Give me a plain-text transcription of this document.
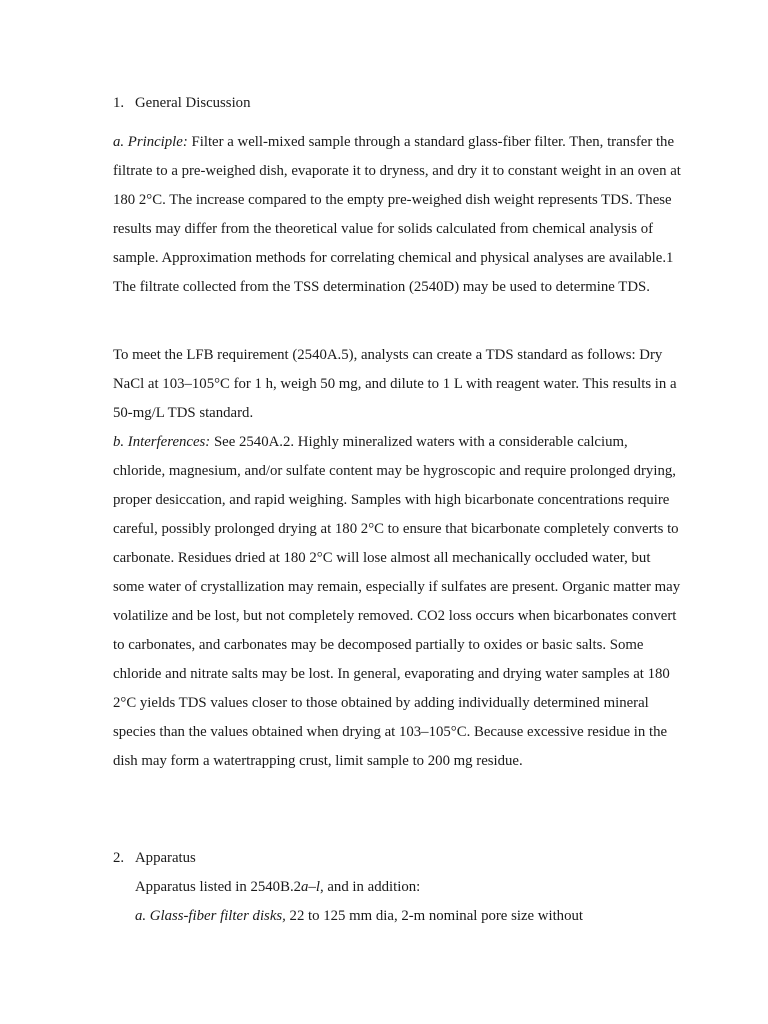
1. General Discussion

a. Principle: Filter a well-mixed sample through a standard glass-fiber filter. Then, transfer the filtrate to a pre-weighed dish, evaporate it to dryness, and dry it to constant weight in an oven at 180 2°C. The increase compared to the empty pre-weighed dish weight represents TDS. These results may differ from the theoretical value for solids calculated from chemical analysis of sample. Approximation methods for correlating chemical and physical analyses are available.1 The filtrate collected from the TSS determination (2540D) may be used to determine TDS.

To meet the LFB requirement (2540A.5), analysts can create a TDS standard as follows: Dry NaCl at 103–105°C for 1 h, weigh 50 mg, and dilute to 1 L with reagent water. This results in a 50-mg/L TDS standard.

b. Interferences: See 2540A.2. Highly mineralized waters with a considerable calcium, chloride, magnesium, and/or sulfate content may be hygroscopic and require prolonged drying, proper desiccation, and rapid weighing. Samples with high bicarbonate concentrations require careful, possibly prolonged drying at 180 2°C to ensure that bicarbonate completely converts to carbonate. Residues dried at 180 2°C will lose almost all mechanically occluded water, but some water of crystallization may remain, especially if sulfates are present. Organic matter may volatilize and be lost, but not completely removed. CO2 loss occurs when bicarbonates convert to carbonates, and carbonates may be decomposed partially to oxides or basic salts. Some chloride and nitrate salts may be lost. In general, evaporating and drying water samples at 180 2°C yields TDS values closer to those obtained by adding individually determined mineral species than the values obtained when drying at 103–105°C. Because excessive residue in the dish may form a watertrapping crust, limit sample to 200 mg residue.

2. Apparatus

Apparatus listed in 2540B.2a–l, and in addition:

a. Glass-fiber filter disks, 22 to 125 mm dia, 2-m nominal pore size without
